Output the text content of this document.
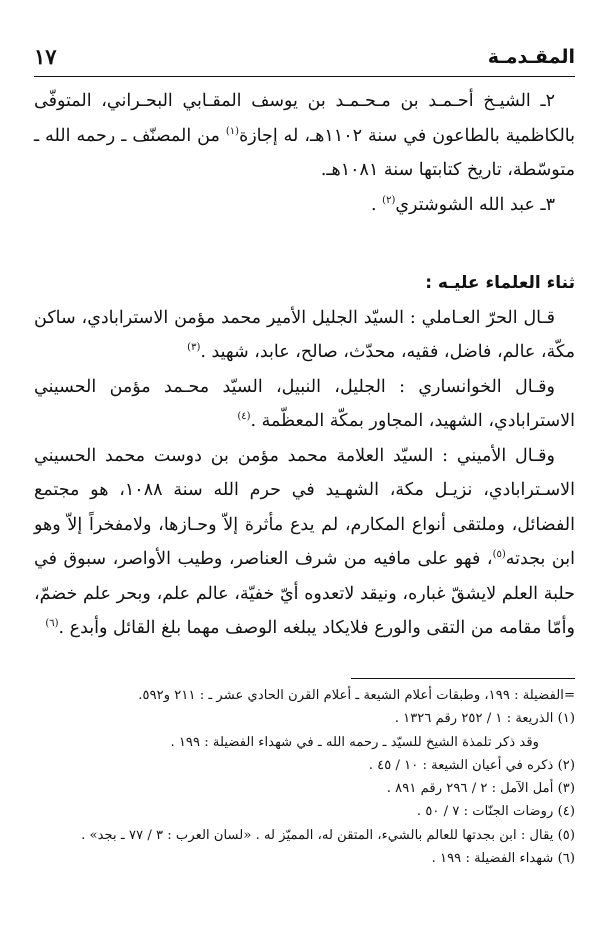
المقـدمـة
١٧

٢ـ الشيـخ أحـمـد بن مـحـمـد بن يوسف المقـابي البحـراني، المتوفّى بالكاظمية بالطاعون في سنة ١١٠٢هـ، له إجازة$^{(١)}$ من المصنّف ـ رحمه الله ـ متوسّطة، تاريخ كتابتها سنة ١٠٨١هـ.

٣ـ عبد الله الشوشتري$^{(٢)}$ .

ثناء العلماء عليـه :

قـال الحرّ العـاملي : السيّد الجليل الأمير محمد مؤمن الاسترابادي، ساكن مكّة، عالم، فاضل، فقيه، محدّث، صالح، عابد، شهيد .$^{(٣)}$

وقـال الخوانساري : الجليل، النبيل، السيّد محـمد مؤمن الحسيني الاسترابادي، الشهيد، المجاور بمكّة المعظّمة .$^{(٤)}$

وقـال الأميني : السيّد العلامة محمد مؤمن بن دوست محمد الحسيني الاسـترابادي، نزيـل مكة، الشهـيد في حرم الله سنة ١٠٨٨، هو مجتمع الفضائل، وملتقى أنواع المكارم، لم يدع مأثرة إلاّ وحـازها، ولامفخراً إلاّ وهو ابن بجدته$^{(٥)}$، فهو على مافيه من شرف العناصر، وطيب الأواصر، سبوق في حلبة العلم لايشقّ غباره، ونيقد لاتعدوه أيّ خفيّة، عالم علم، وبحر علم خضمّ، وأمّا مقامه من التقى والورع فلايكاد يبلغه الوصف مهما بلغ القائل وأبدع .$^{(٦)}$

=الفضيلة : ١٩٩، وطبقات أعلام الشيعة ـ أعلام القرن الحادي عشر ـ : ٢١١ و٥٩٢.

(١) الذريعة : ١ / ٢٥٢ رقم ١٣٢٦ .

وقد ذكر تلمذة الشيخ للسيّد ـ رحمه الله ـ في شهداء الفضيلة : ١٩٩ .

(٢) ذكره في أعيان الشيعة : ١٠ / ٤٥ .

(٣) أمل الآمل : ٢ / ٢٩٦ رقم ٨٩١ .

(٤) روضات الجنّات : ٧ / ٥٠ .

(٥) يقال : ابن بجدتها للعالم بالشيء، المتقن له، المميّز له . «لسان العرب : ٣ / ٧٧ ـ بجد» .

(٦) شهداء الفضيلة : ١٩٩ .
